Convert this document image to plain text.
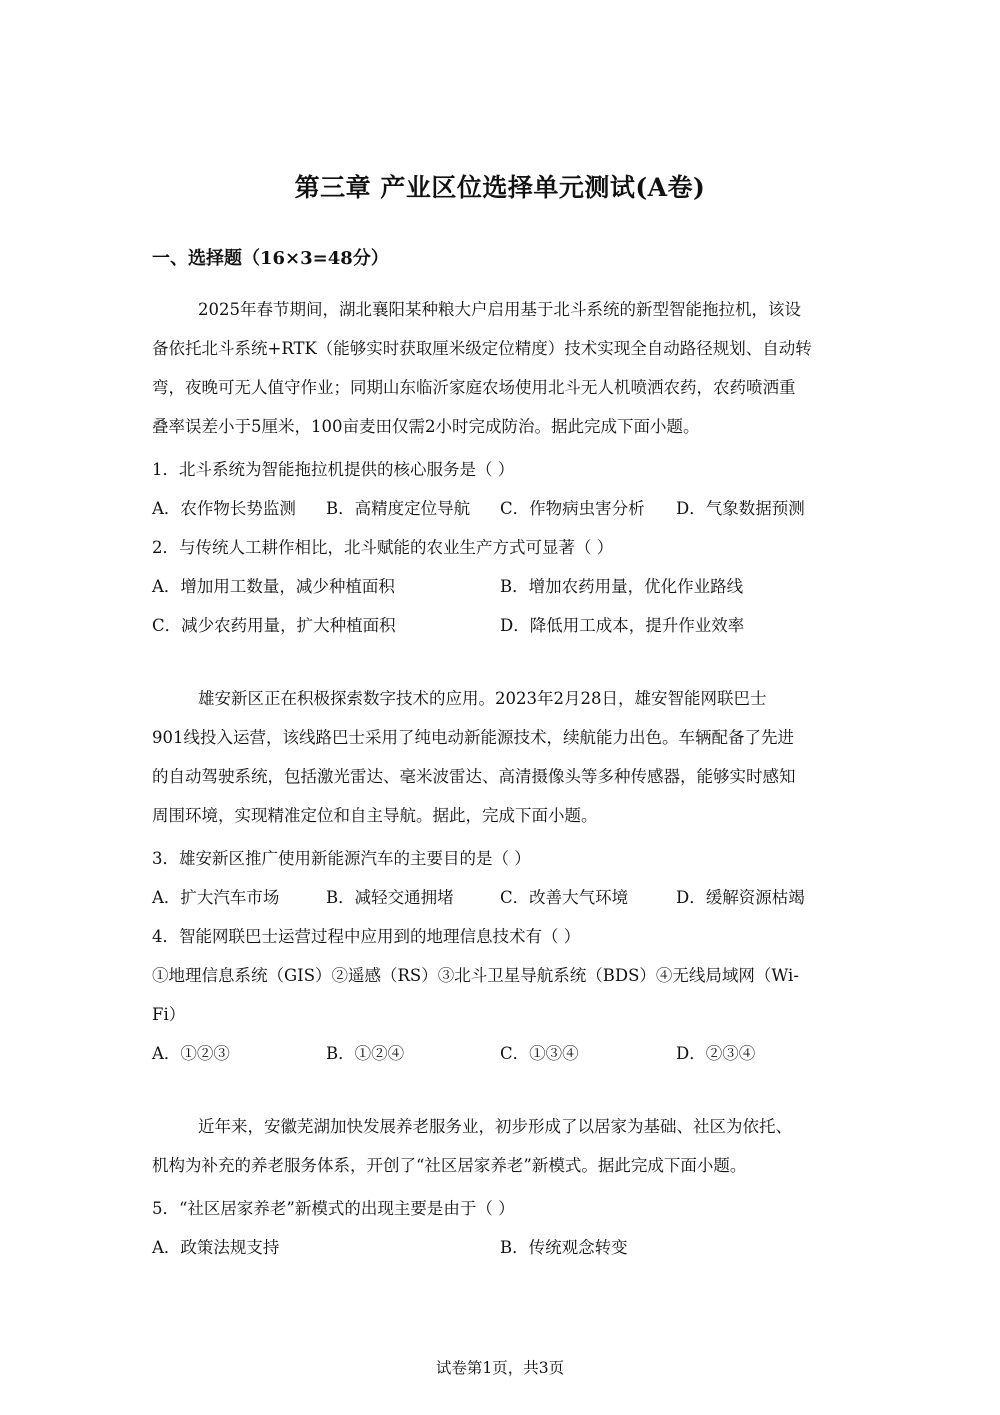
第三章 产业区位选择单元测试(A卷)
一、选择题（16×3=48分）
2025年春节期间，湖北襄阳某种粮大户启用基于北斗系统的新型智能拖拉机，该设
备依托北斗系统+RTK（能够实时获取厘米级定位精度）技术实现全自动路径规划、自动转
弯，夜晚可无人值守作业；同期山东临沂家庭农场使用北斗无人机喷洒农药，农药喷洒重
叠率误差小于5厘米，100亩麦田仅需2小时完成防治。据此完成下面小题。
1．北斗系统为智能拖拉机提供的核心服务是（ ）
A．农作物长势监测 B．高精度定位导航 C．作物病虫害分析 D．气象数据预测
2．与传统人工耕作相比，北斗赋能的农业生产方式可显著（ ）
A．增加用工数量，减少种植面积	B．增加农药用量，优化作业路线
C．减少农药用量，扩大种植面积	D．降低用工成本，提升作业效率
雄安新区正在积极探索数字技术的应用。2023年2月28日，雄安智能网联巴士
901线投入运营，该线路巴士采用了纯电动新能源技术，续航能力出色。车辆配备了先进
的自动驾驶系统，包括激光雷达、毫米波雷达、高清摄像头等多种传感器，能够实时感知
周围环境，实现精准定位和自主导航。据此，完成下面小题。
3．雄安新区推广使用新能源汽车的主要目的是（ ）
A．扩大汽车市场	B．减轻交通拥堵	C．改善大气环境	D．缓解资源枯竭
4．智能网联巴士运营过程中应用到的地理信息技术有（ ）
①地理信息系统（GIS）②遥感（RS）③北斗卫星导航系统（BDS）④无线局域网（Wi-
Fi）
A．①②③	B．①②④	C．①③④	D．②③④
近年来，安徽芜湖加快发展养老服务业，初步形成了以居家为基础、社区为依托、
机构为补充的养老服务体系，开创了“社区居家养老”新模式。据此完成下面小题。
5．“社区居家养老”新模式的出现主要是由于（ ）
A．政策法规支持	B．传统观念转变
试卷第1页，共3页
